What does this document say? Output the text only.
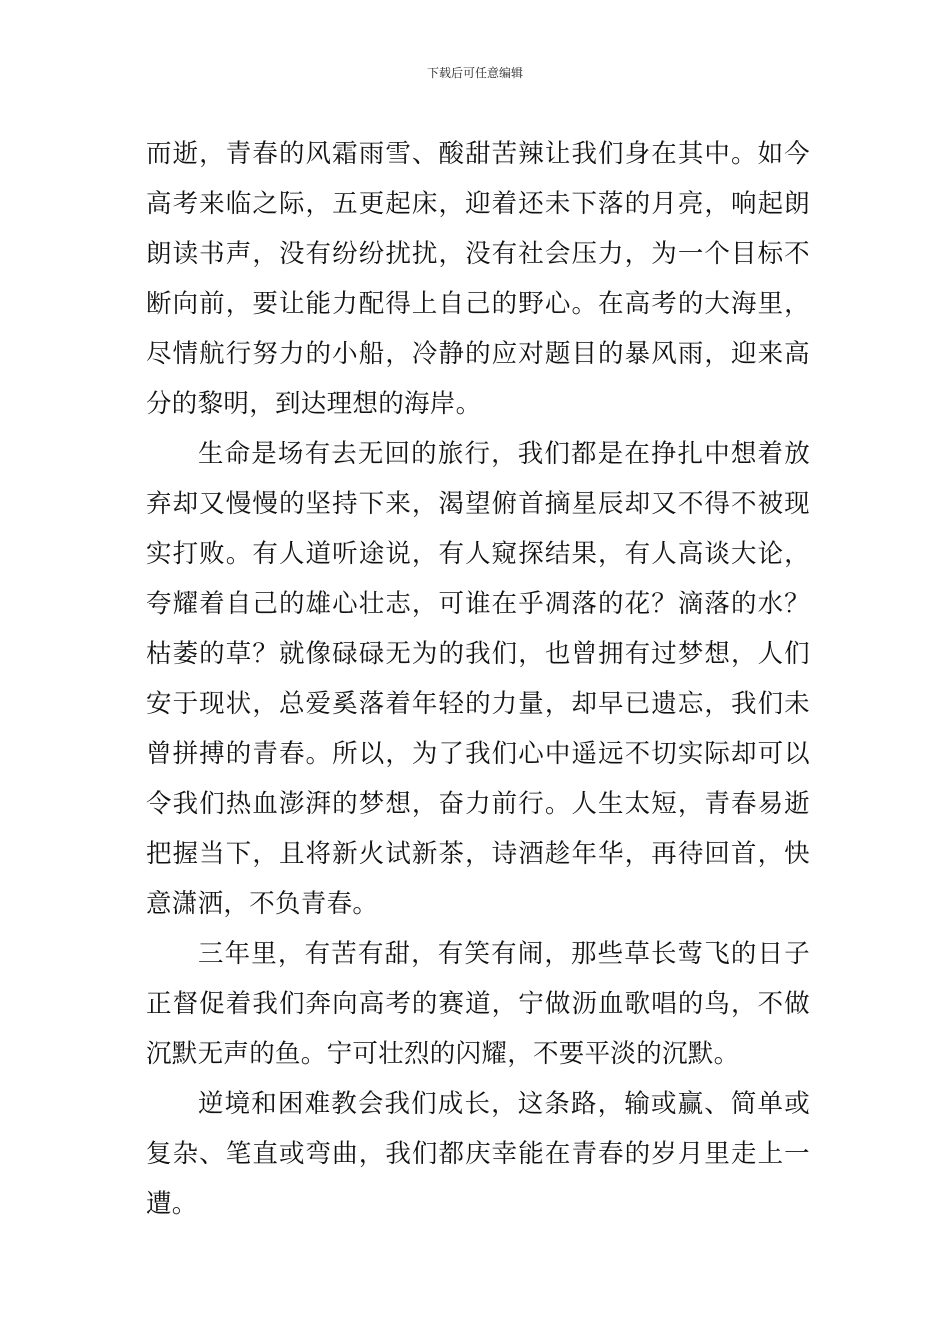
下载后可任意编辑

而逝，青春的风霜雨雪、酸甜苦辣让我们身在其中。如今高考来临之际，五更起床，迎着还未下落的月亮，响起朗朗读书声，没有纷纷扰扰，没有社会压力，为一个目标不断向前，要让能力配得上自己的野心。在高考的大海里，尽情航行努力的小船，冷静的应对题目的暴风雨，迎来高分的黎明，到达理想的海岸。

生命是场有去无回的旅行，我们都是在挣扎中想着放弃却又慢慢的坚持下来，渴望俯首摘星辰却又不得不被现实打败。有人道听途说，有人窥探结果，有人高谈大论，夸耀着自己的雄心壮志，可谁在乎凋落的花？滴落的水？枯萎的草？就像碌碌无为的我们，也曾拥有过梦想，人们安于现状，总爱奚落着年轻的力量，却早已遗忘，我们未曾拼搏的青春。所以，为了我们心中遥远不切实际却可以令我们热血澎湃的梦想，奋力前行。人生太短，青春易逝把握当下，且将新火试新茶，诗酒趁年华，再待回首，快意潇洒，不负青春。

三年里，有苦有甜，有笑有闹，那些草长莺飞的日子正督促着我们奔向高考的赛道，宁做沥血歌唱的鸟，不做沉默无声的鱼。宁可壮烈的闪耀，不要平淡的沉默。

逆境和困难教会我们成长，这条路，输或赢、简单或复杂、笔直或弯曲，我们都庆幸能在青春的岁月里走上一遭。
